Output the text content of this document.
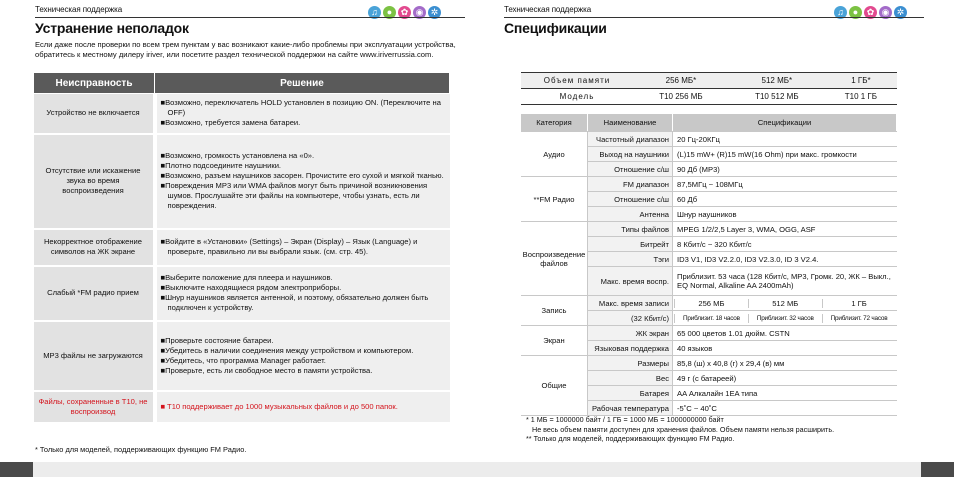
Техническая поддержка	♫ ● ✿ ◉ ✲
Устранение неполадок
Если даже после проверки по всем трем пунктам у вас возникают какие-либо проблемы при эксплуатации устройства, обратитесь к местному дилеру iriver, или посетите раздел технической поддержки на сайте www.iriverrussia.com.
Неисправность	Решение
Устройство не включается	■Возможно, переключатель HOLD установлен в позицию ON. (Переключите на OFF)
■Возможно, требуется замена батареи.

Отсутствие или искажение звука во время воспроизведения	■Возможно, громкость установлена на «0».
■Плотно подсоедините наушники.
■Возможно, разъем наушников засорен. Прочистите его сухой и мягкой тканью.
■Повреждения MP3 или WMA файлов могут быть причиной возникновения шумов. Прослушайте эти файлы на компьютере, чтобы узнать, есть ли повреждения.

Некорректное отображение символов на ЖК экране	■Войдите в «Установки» (Settings) – Экран (Display) – Язык (Language) и проверьте, правильно ли вы выбрали язык. (см. стр. 45).

Слабый *FM радио прием	■Выберите положение для плеера и наушников.
■Выключите находящиеся рядом электроприборы.
■Шнур наушников является антенной, и поэтому, обязательно должен быть подключен к устройству.

MP3 файлы не загружаются	■Проверьте состояние батареи.
■Убедитесь в наличии соединения между устройством и компьютером.
■Убедитесь, что программа Manager работает.
■Проверьте, есть ли свободное место в памяти устройства.

Файлы, сохраненные в T10, не воспроизвод	■ T10 поддерживает до 1000 музыкальных файлов и до 500 папок.
* Только для моделей, поддерживающих функцию FM Радио.
Техническая поддержка	♫ ● ✿ ◉ ✲
Спецификации
Объем памяти	256 МБ*	512 МБ*	1 ГБ*
Модель	T10 256 МБ	T10 512 МБ	T10 1 ГБ
Категория	Наименование	Спецификации
Аудио	Частотный диапазон	20 Гц-20КГц
	Выход на наушники	(L)15 mW+ (R)15 mW(16 Ohm) при макс. громкости
	Отношение с/ш	90 Дб (MP3)
**FM Радио	FM диапазон	87,5МГц ~ 108МГц
	Отношение с/ш	60 Дб
	Антенна	Шнур наушников
Воспроизведение файлов	Типы файлов	MPEG 1/2/2,5 Layer 3, WMA, OGG, ASF
	Битрейт	8 Кбит/с ~ 320 Кбит/с
	Тэги	ID3 V1, ID3 V2.2.0, ID3 V2.3.0, ID 3 V2.4.
	Макс. время воспр.	Приблизит. 53 часа (128 Кбит/с, MP3, Громк. 20, ЖК – Выкл., EQ Normal, Alkaline AA 2400mAh)
Запись	Макс. время записи	256 МБ 512 МБ 1 ГБ

	(32 Кбит/с)	Приблизит. 18 часов Приблизит. 32 часов Приблизит. 72 часов

Экран	ЖК экран	65 000 цветов 1.01 дюйм. CSTN
	Языковая поддержка	40 языков
Общие	Размеры	85,8 (ш) x 40,8 (г) x 29,4 (в) мм
	Вес	49 г (с батареей)
	Батарея	AA Алкалайн 1EA типа
	Рабочая температура	-5˚C ~ 40˚C
* 1 МБ = 1000000 байт / 1 ГБ = 1000 МБ = 1000000000 байт
Не весь объем памяти доступен для хранения файлов. Объем памяти нельзя расширить.
** Только для моделей, поддерживающих функцию FM Радио.
